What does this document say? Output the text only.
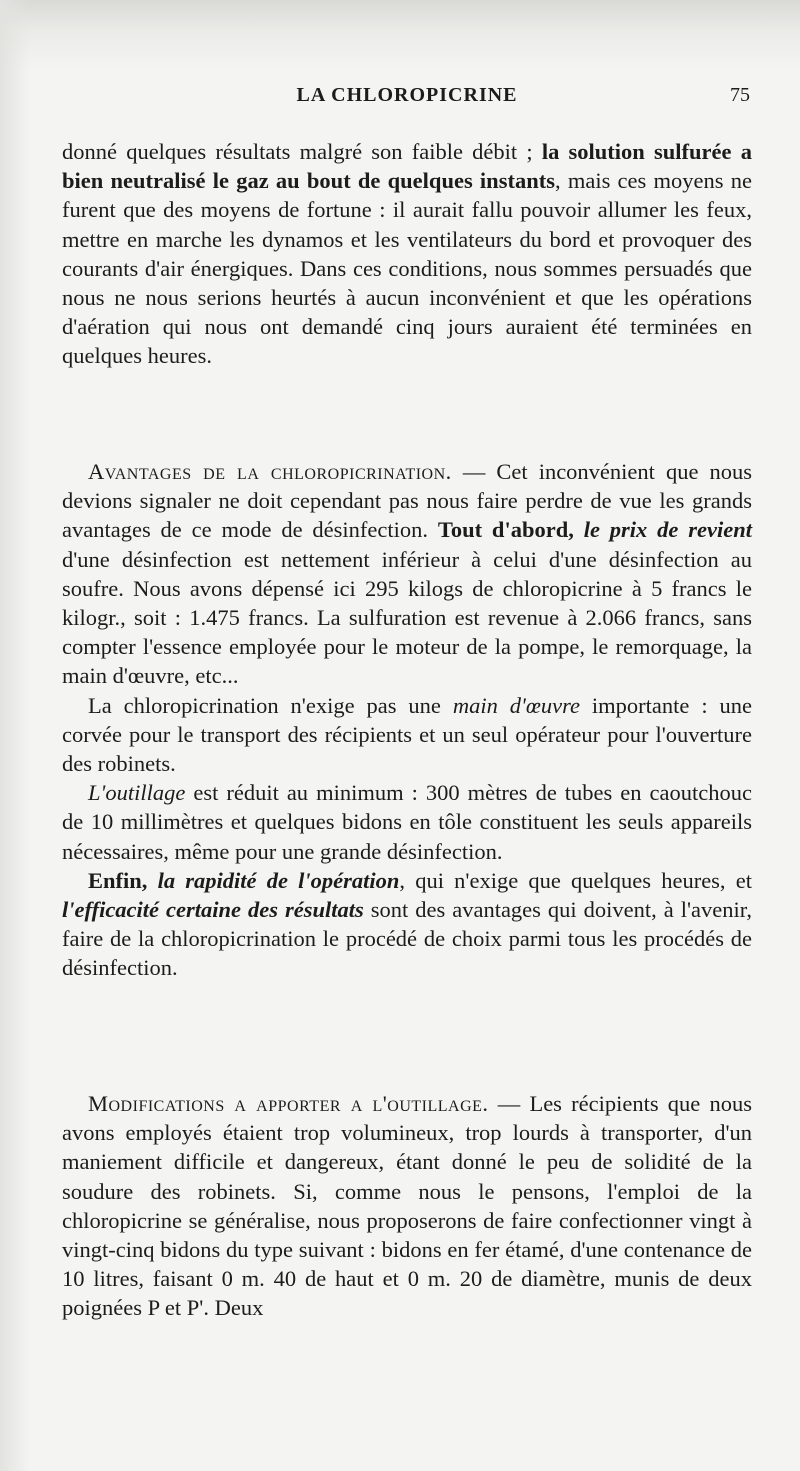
LA CHLOROPICRINE	75

donné quelques résultats malgré son faible débit ; la solution sulfurée a bien neutralisé le gaz au bout de quelques instants, mais ces moyens ne furent que des moyens de fortune : il aurait fallu pouvoir allumer les feux, mettre en marche les dynamos et les ventilateurs du bord et provoquer des courants d'air énergiques. Dans ces conditions, nous sommes persuadés que nous ne nous serions heurtés à aucun inconvénient et que les opérations d'aération qui nous ont demandé cinq jours auraient été terminées en quelques heures.

Avantages de la chloropicrination. — Cet inconvénient que nous devions signaler ne doit cependant pas nous faire perdre de vue les grands avantages de ce mode de désinfection. Tout d'abord, le prix de revient d'une désinfection est nettement inférieur à celui d'une désinfection au soufre. Nous avons dépensé ici 295 kilogs de chloropicrine à 5 francs le kilogr., soit : 1.475 francs. La sulfuration est revenue à 2.066 francs, sans compter l'essence employée pour le moteur de la pompe, le remorquage, la main d'œuvre, etc...

La chloropicrination n'exige pas une main d'œuvre importante : une corvée pour le transport des récipients et un seul opérateur pour l'ouverture des robinets.

L'outillage est réduit au minimum : 300 mètres de tubes en caoutchouc de 10 millimètres et quelques bidons en tôle constituent les seuls appareils nécessaires, même pour une grande désinfection.

Enfin, la rapidité de l'opération, qui n'exige que quelques heures, et l'efficacité certaine des résultats sont des avantages qui doivent, à l'avenir, faire de la chloropicrination le procédé de choix parmi tous les procédés de désinfection.

Modifications a apporter a l'outillage. — Les récipients que nous avons employés étaient trop volumineux, trop lourds à transporter, d'un maniement difficile et dangereux, étant donné le peu de solidité de la soudure des robinets. Si, comme nous le pensons, l'emploi de la chloropicrine se généralise, nous proposerons de faire confectionner vingt à vingt-cinq bidons du type suivant : bidons en fer étamé, d'une contenance de 10 litres, faisant 0 m. 40 de haut et 0 m. 20 de diamètre, munis de deux poignées P et P'. Deux
